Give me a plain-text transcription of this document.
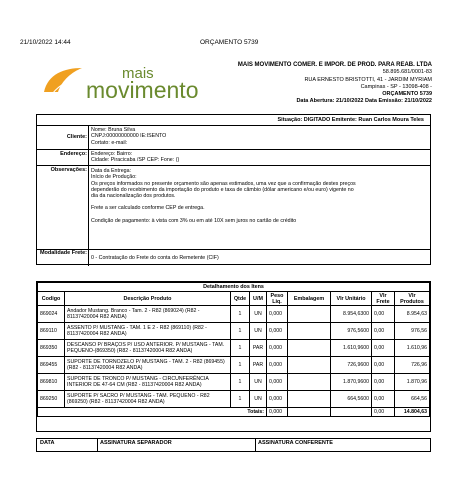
21/10/2022 14:44	ORÇAMENTO 5739
mais
movimento
MAIS MOVIMENTO COMER. E IMPOR. DE PROD. PARA REAB. LTDA
58.895.681/0001-83
RUA ERNESTO BRISTOTTI, 41 - JARDIM MYRIAM
Campinas - SP - 13098-408 -
ORÇAMENTO 5739
Data Abertura: 21/10/2022 Data Emissão: 21/10/2022
Situação: DIGITADO Emitente: Ruan Carlos Moura Teles
Cliente:
Nome: Bruna Silva
CNPJ:00000000000 IE:ISENTO
Cortato: e-mail:
Endereço: Endereço: Bairro:
Cidade: Piracicaba /SP CEP: Fone: ()
Observações: Data da Entrega:
Início de Produção:
Os preços informados no presente orçamento são apenas estimados, uma vez que a confirmação destes preços
dependerão do recebimento da importação do produto e taxa de câmbio (dólar americano e/ou euro) vigente no
dia da nacionalização dos produtos.
Frete a ser calculado conforme CEP de entrega.
Condição de pagamento: à vista com 3% ou em até 10X sem juros no cartão de crédito
Modalidade Frete:
0 - Contratação do Frete do conta do Remetente (CIF)
Detalhamento dos Itens								
Codigo	Descrição Produto	Qtde	U/M	Peso Liq.	Embalagem	Vlr Unitário	Vlr Frete	Vlr Produtos
869024	Andador Mustang. Branco - Tam. 2 - R82 (869024) (R82 - 81137420004 R82 ANDA)	1	UN	0,000		8.954,6300	0,00	8.954,63
869110	ASSENTO P/ MUSTANG - TAM. 1 E 2 - R82 (869110) (R82 - 81137420004 R82 ANDA)	1	UN	0,000		976,5600	0,00	976,56
869350	DESCANSO P/ BRAÇOS P/ USO ANTERIOR. P/ MUSTANG - TAM. PEQUENO-(869350) (R82 - 81137420004 R82 ANDA)	1	PAR	0,000		1.610,9600	0,00	1.610,96
869455	SUPORTE DE TORNOZELO P/ MUSTANG - TAM. 2 - R82 (869455) (R82 - 81137420004 R82 ANDA)	1	PAR	0,000		726,9600	0,00	726,96
869810	SUPORTE DE TRONCO P/ MUSTANG - CIRCUNFERÊNCIA INTERIOR DE 47-64 CM (R82 - 81137420004 R82 ANDA)	1	UN	0,000		1.870,9600	0,00	1.870,96
869250	SUPORTE P/ SACRO P/ MUSTANG - TAM. PEQUENO - R82 (869250) (R82 - 81137420004 R82 ANDA)	1	UN	0,000		664,5600	0,00	664,56
Totais:				0,000			0,00	14.804,63
DATA	ASSINATURA SEPARADOR	ASSINATURA CONFERENTE
